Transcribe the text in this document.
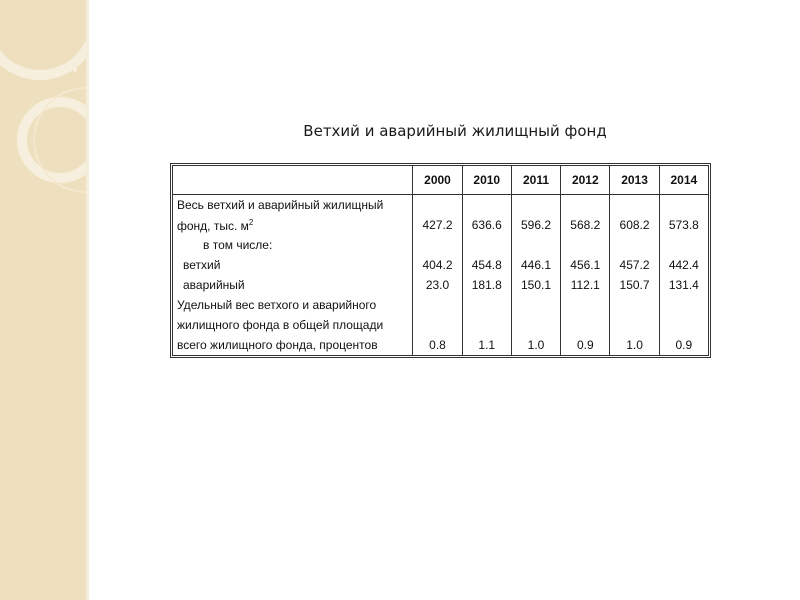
Ветхий и аварийный жилищный фонд
	2000	2010	2011	2012	2013	2014
Весь ветхий и аварийный жилищный						
фонд, тыс. $м^2$	427.2	636.6	596.2	568.2	608.2	573.8
в том числе:						
ветхий	404.2	454.8	446.1	456.1	457.2	442.4
аварийный	23.0	181.8	150.1	112.1	150.7	131.4
Удельный вес ветхого и аварийного						
жилищного фонда в общей площади						
всего жилищного фонда, процентов	0.8	1.1	1.0	0.9	1.0	0.9
